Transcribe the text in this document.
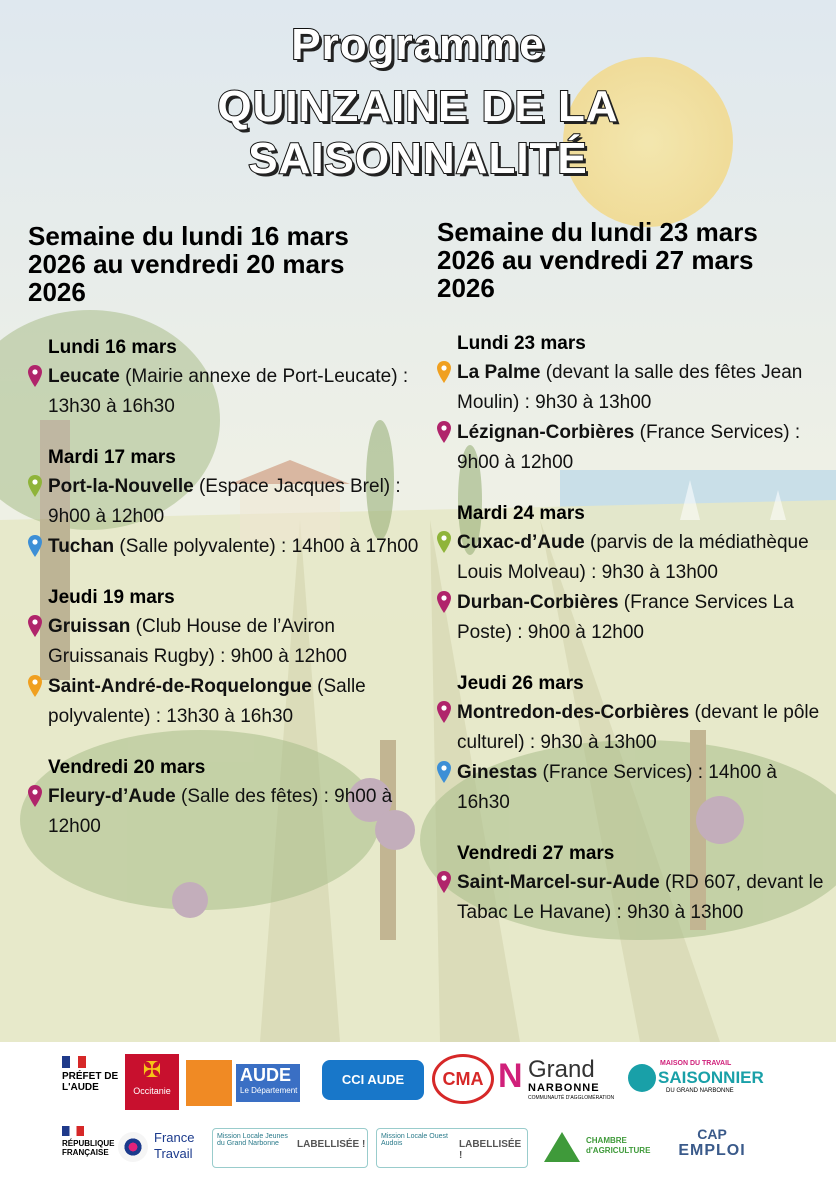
Programme
QUINZAINE DE LA
SAISONNALITÉ
Semaine du lundi 16 mars 2026 au vendredi 20 mars 2026
Lundi 16 mars
Leucate (Mairie annexe de Port-Leucate) : 13h30 à 16h30
Mardi 17 mars
Port-la-Nouvelle (Espace Jacques Brel) : 9h00 à 12h00
Tuchan (Salle polyvalente) : 14h00 à 17h00
Jeudi 19 mars
Gruissan (Club House de l’Aviron Gruissanais Rugby) : 9h00 à 12h00
Saint-André-de-Roquelongue (Salle polyvalente) : 13h30 à 16h30
Vendredi 20 mars
Fleury-d’Aude (Salle des fêtes) : 9h00 à 12h00
Semaine du lundi 23 mars 2026 au vendredi 27 mars 2026
Lundi 23 mars
La Palme (devant la salle des fêtes Jean Moulin) : 9h30 à 13h00
Lézignan-Corbières (France Services) : 9h00 à 12h00
Mardi 24 mars
Cuxac-d’Aude (parvis de la médiathèque Louis Molveau) : 9h30 à 13h00
Durban-Corbières (France Services La Poste) : 9h00 à 12h00
Jeudi 26 mars
Montredon-des-Corbières (devant le pôle culturel) : 9h30 à 13h00
Ginestas (France Services) : 14h00 à 16h30
Vendredi 27 mars
Saint-Marcel-sur-Aude (RD 607, devant le Tabac Le Havane) : 9h30 à 13h00
PRÉFET DE L'AUDE
✠
Occitanie
AUDE
Le Département
CCI AUDE	CMA N Grand
NARBONNE
COMMUNAUTÉ D'AGGLOMÉRATION
MAISON DU TRAVAIL
SAISONNIER
DU GRAND NARBONNE
RÉPUBLIQUE FRANÇAISE
France
Travail
Mission Locale Jeunes du Grand Narbonne	LABELLISÉE !
Mission Locale Ouest Audois	LABELLISÉE !
CHAMBRE d'AGRICULTURE
CAP
EMPLOI
